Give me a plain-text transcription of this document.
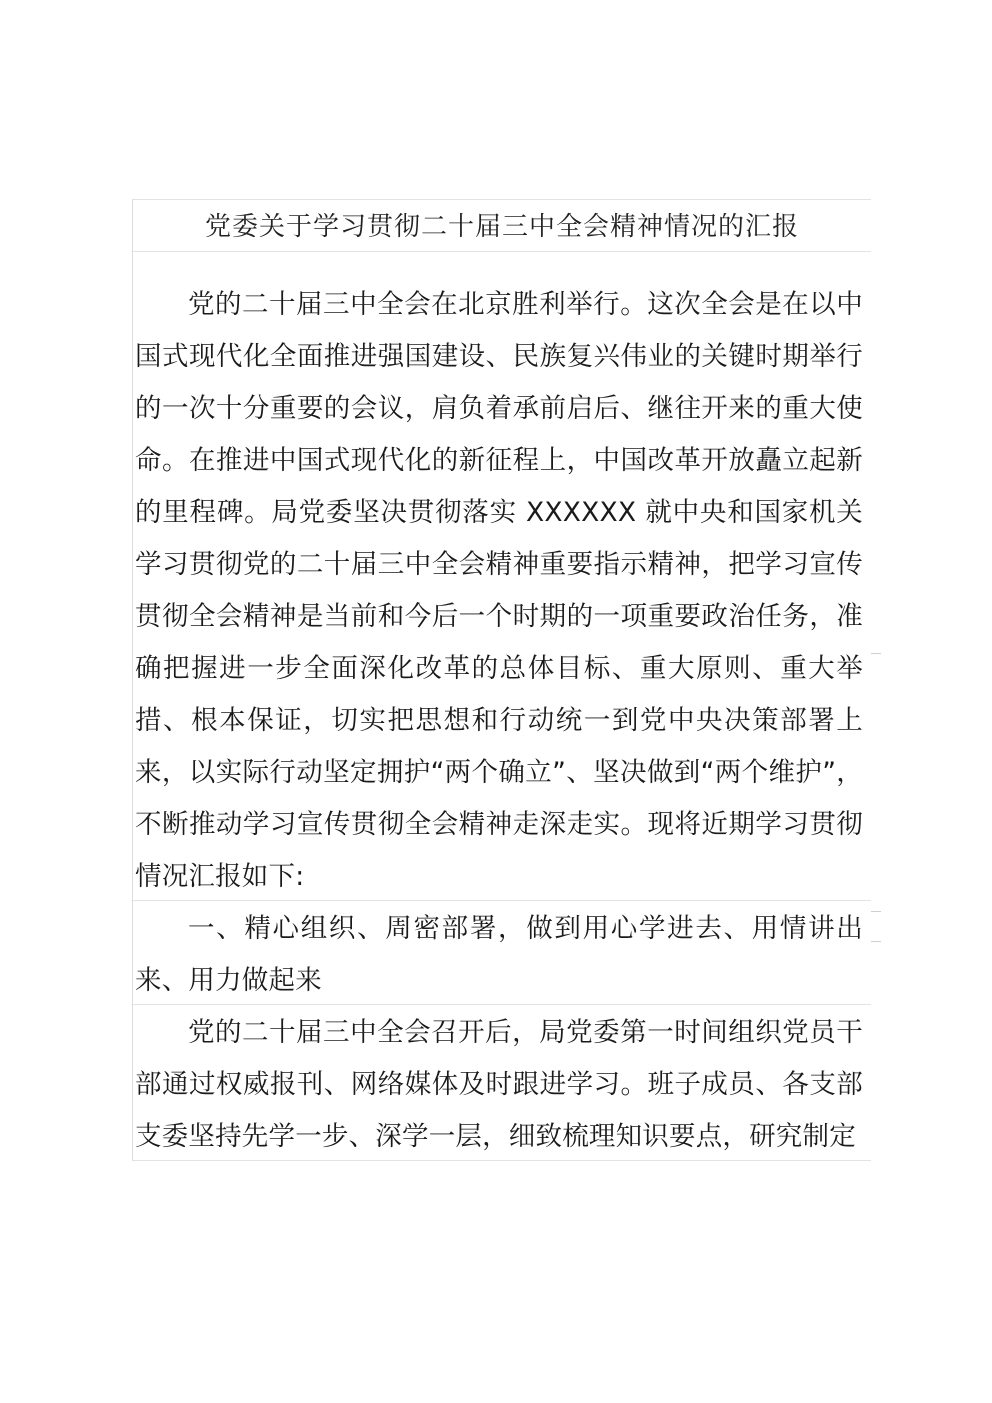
党委关于学习贯彻二十届三中全会精神情况的汇报
党的二十届三中全会在北京胜利举行。这次全会是在以中国式现代化全面推进强国建设、民族复兴伟业的关键时期举行的一次十分重要的会议，肩负着承前启后、继往开来的重大使命。在推进中国式现代化的新征程上，中国改革开放矗立起新的里程碑。局党委坚决贯彻落实 XXXXXX 就中央和国家机关学习贯彻党的二十届三中全会精神重要指示精神，把学习宣传贯彻全会精神是当前和今后一个时期的一项重要政治任务，准确把握进一步全面深化改革的总体目标、重大原则、重大举措、根本保证，切实把思想和行动统一到党中央决策部署上来，以实际行动坚定拥护“两个确立”、坚决做到“两个维护”，不断推动学习宣传贯彻全会精神走深走实。现将近期学习贯彻情况汇报如下:
一、精心组织、周密部署，做到用心学进去、用情讲出来、用力做起来
党的二十届三中全会召开后，局党委第一时间组织党员干部通过权威报刊、网络媒体及时跟进学习。班子成员、各支部支委坚持先学一步、深学一层，细致梳理知识要点，研究制定
